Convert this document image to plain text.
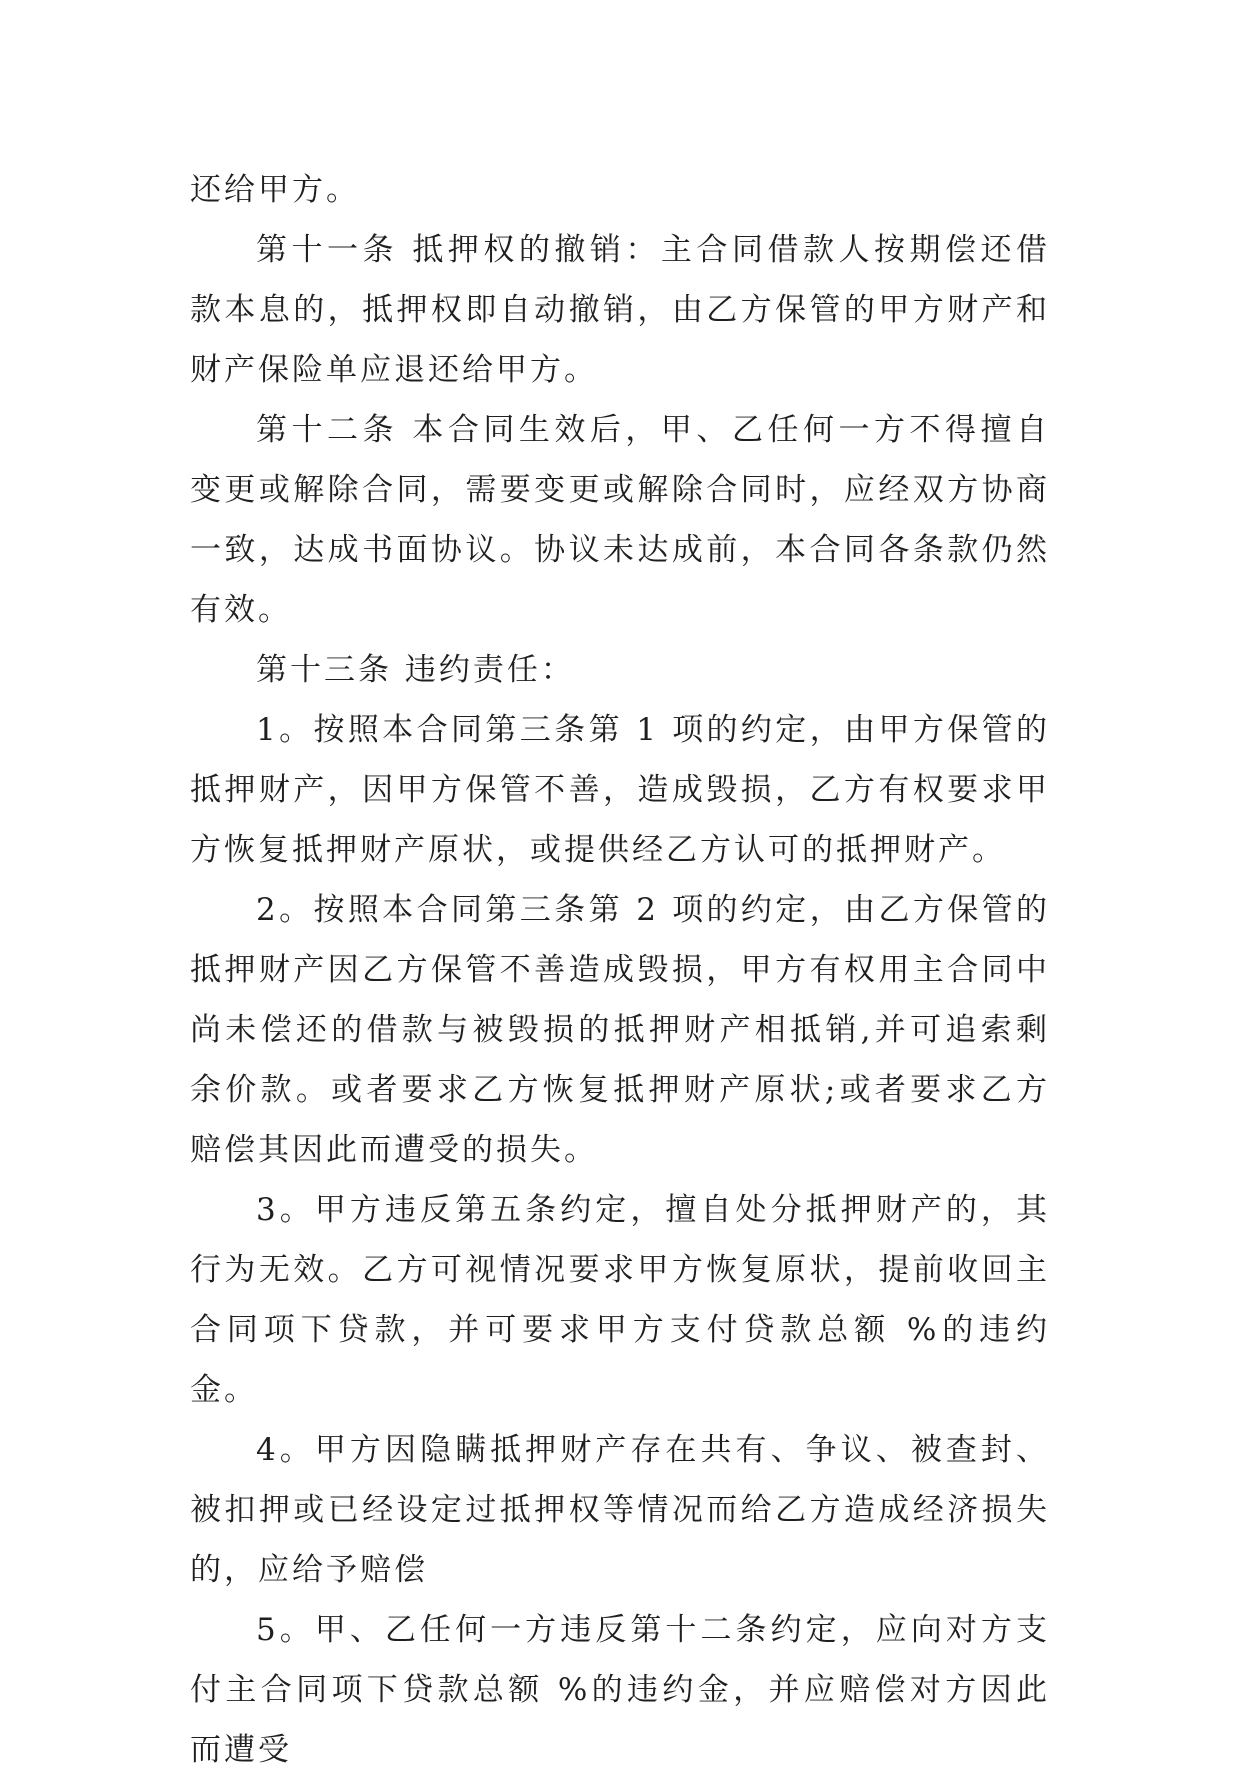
还给甲方。

第十一条 抵押权的撤销：主合同借款人按期偿还借款本息的，抵押权即自动撤销，由乙方保管的甲方财产和财产保险单应退还给甲方。

第十二条 本合同生效后，甲、乙任何一方不得擅自变更或解除合同，需要变更或解除合同时，应经双方协商一致，达成书面协议。协议未达成前，本合同各条款仍然有效。

第十三条 违约责任：

1。按照本合同第三条第 1 项的约定，由甲方保管的抵押财产，因甲方保管不善，造成毁损，乙方有权要求甲方恢复抵押财产原状，或提供经乙方认可的抵押财产。

2。按照本合同第三条第 2 项的约定，由乙方保管的抵押财产因乙方保管不善造成毁损，甲方有权用主合同中尚未偿还的借款与被毁损的抵押财产相抵销,并可追索剩余价款。或者要求乙方恢复抵押财产原状;或者要求乙方赔偿其因此而遭受的损失。

3。甲方违反第五条约定，擅自处分抵押财产的，其行为无效。乙方可视情况要求甲方恢复原状，提前收回主合同项下贷款，并可要求甲方支付贷款总额 %的违约金。

4。甲方因隐瞒抵押财产存在共有、争议、被查封、被扣押或已经设定过抵押权等情况而给乙方造成经济损失的，应给予赔偿

5。甲、乙任何一方违反第十二条约定，应向对方支付主合同项下贷款总额 %的违约金，并应赔偿对方因此而遭受
